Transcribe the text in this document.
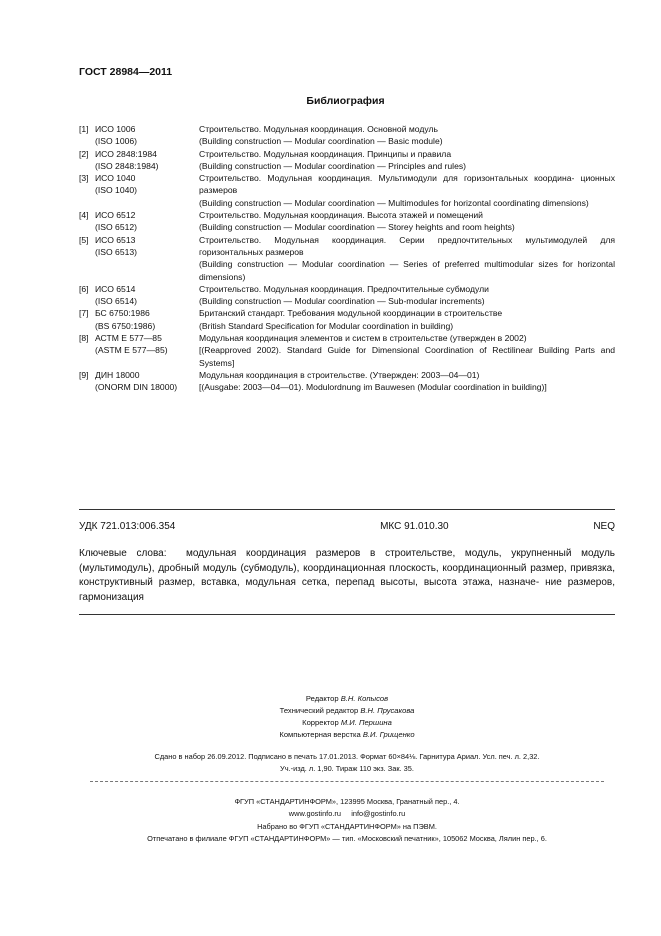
ГОСТ 28984—2011
Библиография
[1] ИСО 1006
(ISO 1006)
Строительство. Модульная координация. Основной модуль
(Building construction — Modular coordination — Basic module)
[2] ИСО 2848:1984
(ISO 2848:1984)
Строительство. Модульная координация. Принципы и правила
(Building construction — Modular coordination — Principles and rules)
[3] ИСО 1040
(ISO 1040)
Строительство. Модульная координация. Мультимодули для горизонтальных координа- ционных размеров
(Building construction — Modular coordination — Multimodules for horizontal coordinating dimensions)
[4] ИСО 6512
(ISO 6512)
Строительство. Модульная координация. Высота этажей и помещений
(Building construction — Modular coordination — Storey heights and room heights)
[5] ИСО 6513
(ISO 6513)
Строительство. Модульная координация. Серии предпочтительных мультимодулей для горизонтальных размеров
(Building construction — Modular coordination — Series of preferred multimodular sizes for horizontal dimensions)
[6] ИСО 6514
(ISO 6514)
Строительство. Модульная координация. Предпочтительные субмодули
(Building construction — Modular coordination — Sub-modular increments)
[7] БС 6750:1986
(BS 6750:1986)
Британский стандарт. Требования модульной координации в строительстве
(British Standard Specification for Modular coordination in building)
[8] АСТМ Е 577—85
(ASTM E 577—85)
Модульная координация элементов и систем в строительстве (утвержден в 2002)
[(Reapproved 2002). Standard Guide for Dimensional Coordination of Rectilinear Building Parts and Systems]
[9] ДИН 18000
(ONORM DIN 18000)
Модульная координация в строительстве. (Утвержден: 2003—04—01)
[(Ausgabe: 2003—04—01). Modulordnung im Bauwesen (Modular coordination in building)]
УДК 721.013:006.354	МКС 91.010.30	NEQ
Ключевые слова: модульная координация размеров в строительстве, модуль, укрупненный модуль (мультимодуль), дробный модуль (субмодуль), координационная плоскость, координационный размер, привязка, конструктивный размер, вставка, модульная сетка, перепад высоты, высота этажа, назначе- ние размеров, гармонизация
Редактор В.Н. Копысов
Технический редактор В.Н. Прусакова
Корректор М.И. Першина
Компьютерная верстка В.И. Грищенко
Сдано в набор 26.09.2012. Подписано в печать 17.01.2013. Формат 60×84⅛. Гарнитура Ариал. Усл. печ. л. 2,32.
Уч.-изд. л. 1,90. Тираж 110 экз. Зак. 35.
ФГУП «СТАНДАРТИНФОРМ», 123995 Москва, Гранатный пер., 4.
www.gostinfo.ru info@gostinfo.ru
Набрано во ФГУП «СТАНДАРТИНФОРМ» на ПЭВМ.
Отпечатано в филиале ФГУП «СТАНДАРТИНФОРМ» — тип. «Московский печатник», 105062 Москва, Лялин пер., 6.
